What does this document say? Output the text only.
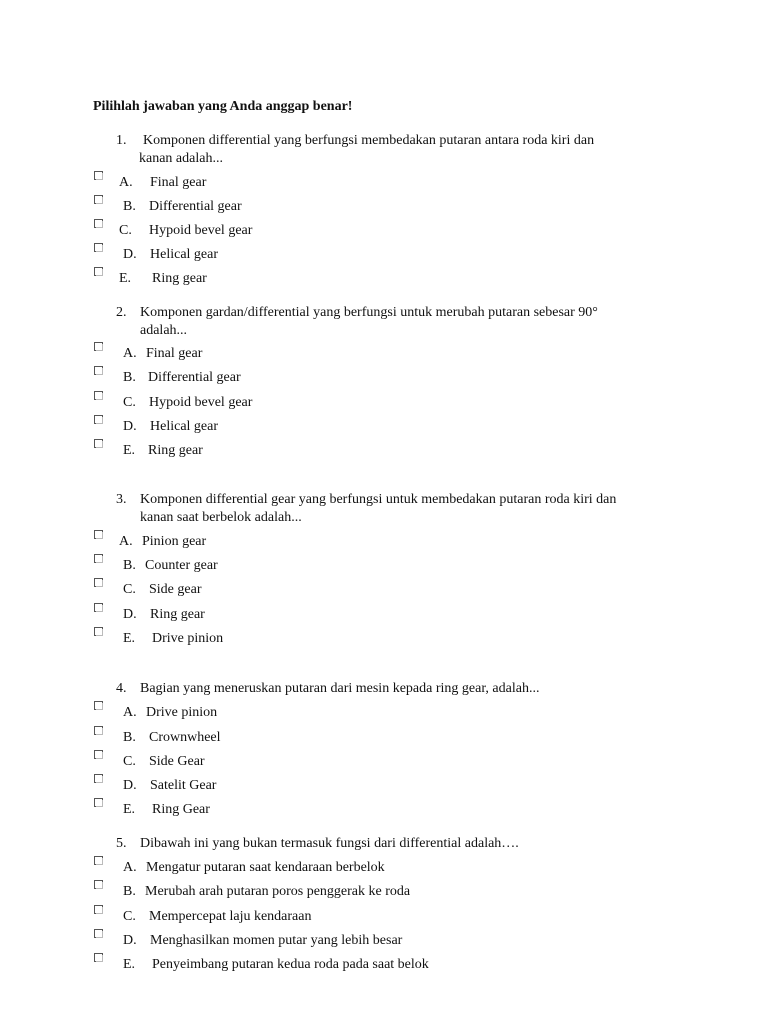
Pilihlah jawaban yang Anda anggap benar!
1.	Komponen differential yang berfungsi membedakan putaran antara roda kiri dan
kanan adalah...
A. Final gear
B. Differential gear
C. Hypoid bevel gear
D. Helical gear
E. Ring gear
2. Komponen gardan/differential yang berfungsi untuk merubah putaran sebesar 90°
adalah...
A. Final gear
B. Differential gear
C. Hypoid bevel gear
D. Helical gear
E. Ring gear
3. Komponen differential gear yang berfungsi untuk membedakan putaran roda kiri dan
kanan saat berbelok adalah...
A. Pinion gear
B. Counter gear
C. Side gear
D. Ring gear
E. Drive pinion
4. Bagian yang meneruskan putaran dari mesin kepada ring gear, adalah...
A. Drive pinion
B. Crownwheel
C. Side Gear
D. Satelit Gear
E. Ring Gear
5. Dibawah ini yang bukan termasuk fungsi dari differential adalah….
A. Mengatur putaran saat kendaraan berbelok
B. Merubah arah putaran poros penggerak ke roda
C. Mempercepat laju kendaraan
D. Menghasilkan momen putar yang lebih besar
E. Penyeimbang putaran kedua roda pada saat belok
